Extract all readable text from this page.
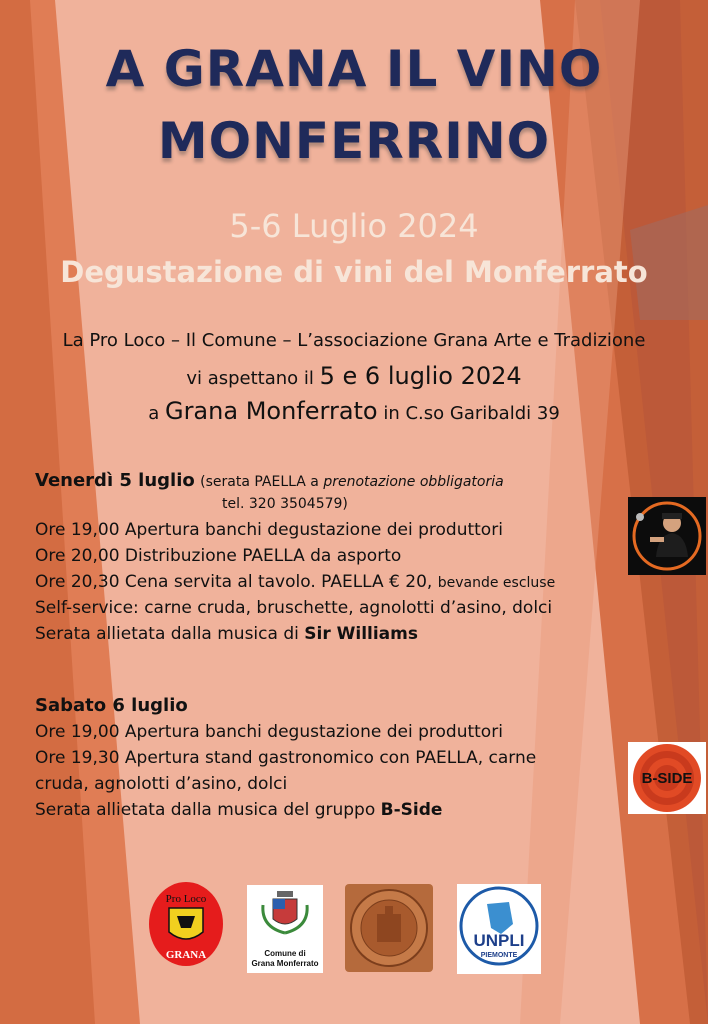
A GRANA IL VINO
MONFERRINO
5-6 Luglio 2024
Degustazione di vini del Monferrato
La Pro Loco – Il Comune – L’associazione Grana Arte e Tradizione
vi aspettano il 5 e 6 luglio 2024
a Grana Monferrato in C.so Garibaldi 39
Venerdì 5 luglio (serata PAELLA a prenotazione obbligatoria
tel. 320 3504579)
Ore 19,00 Apertura banchi degustazione dei produttori
Ore 20,00 Distribuzione PAELLA da asporto
Ore 20,30 Cena servita al tavolo. PAELLA € 20, bevande escluse
Self-service: carne cruda, bruschette, agnolotti d’asino, dolci
Serata allietata dalla musica di Sir Williams
Sabato 6 luglio
Ore 19,00 Apertura banchi degustazione dei produttori
Ore 19,30 Apertura stand gastronomico con PAELLA, carne
cruda, agnolotti d’asino, dolci
Serata allietata dalla musica del gruppo B-Side
B-SIDE
Pro Loco
GRANA	Comune di
Grana Monferrato
UNPLI
PIEMONTE
